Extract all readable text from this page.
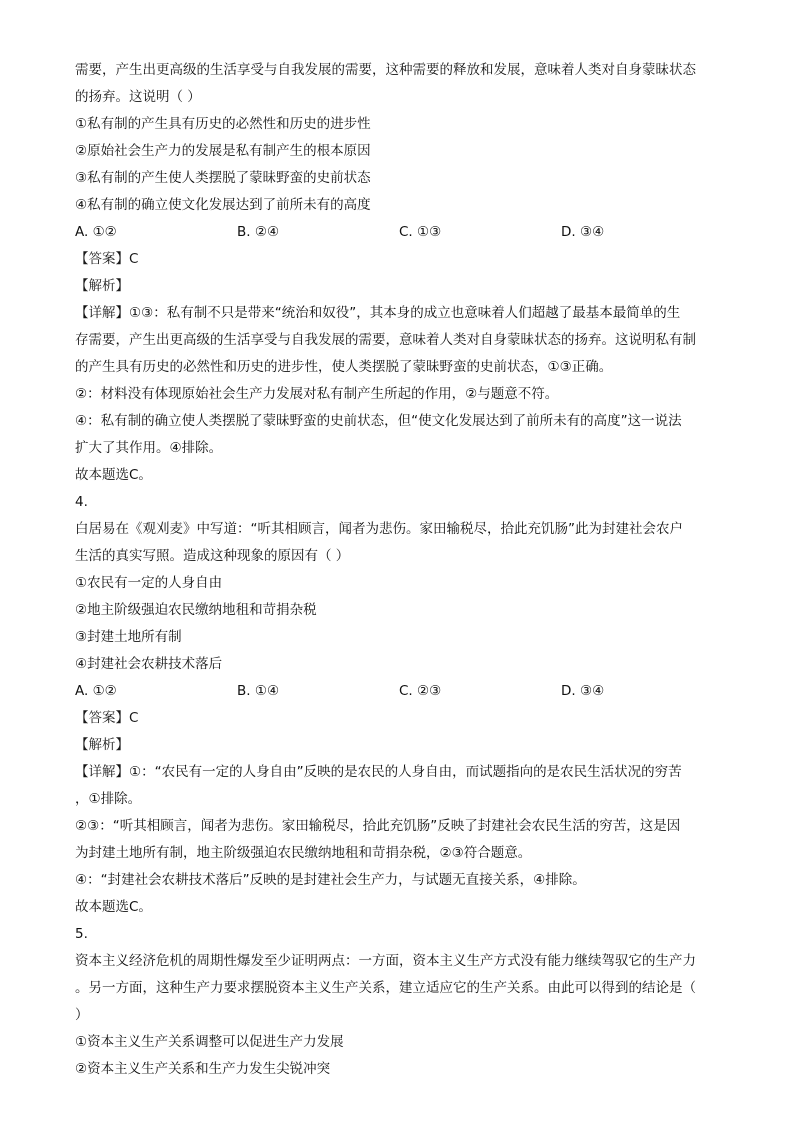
需要，产生出更高级的生活享受与自我发展的需要，这种需要的释放和发展，意味着人类对自身蒙昧状态
的扬弃。这说明（ ）
①私有制的产生具有历史的必然性和历史的进步性
②原始社会生产力的发展是私有制产生的根本原因
③私有制的产生使人类摆脱了蒙昧野蛮的史前状态
④私有制的确立使文化发展达到了前所未有的高度
A. ①②	B. ②④	C. ①③	D. ③④
【答案】C
【解析】
【详解】①③：私有制不只是带来“统治和奴役”，其本身的成立也意味着人们超越了最基本最简单的生
存需要，产生出更高级的生活享受与自我发展的需要，意味着人类对自身蒙昧状态的扬弃。这说明私有制
的产生具有历史的必然性和历史的进步性，使人类摆脱了蒙昧野蛮的史前状态，①③正确。
②：材料没有体现原始社会生产力发展对私有制产生所起的作用，②与题意不符。
④：私有制的确立使人类摆脱了蒙昧野蛮的史前状态，但“使文化发展达到了前所未有的高度”这一说法
扩大了其作用。④排除。
故本题选C。
4.
白居易在《观刈麦》中写道：“听其相顾言，闻者为悲伤。家田输税尽，拾此充饥肠”此为封建社会农户
生活的真实写照。造成这种现象的原因有（ ）
①农民有一定的人身自由
②地主阶级强迫农民缴纳地租和苛捐杂税
③封建土地所有制
④封建社会农耕技术落后
A. ①②	B. ①④	C. ②③	D. ③④
【答案】C
【解析】
【详解】①：“农民有一定的人身自由”反映的是农民的人身自由，而试题指向的是农民生活状况的穷苦
，①排除。
②③：“听其相顾言，闻者为悲伤。家田输税尽，拾此充饥肠”反映了封建社会农民生活的穷苦，这是因
为封建土地所有制，地主阶级强迫农民缴纳地租和苛捐杂税，②③符合题意。
④：“封建社会农耕技术落后”反映的是封建社会生产力，与试题无直接关系，④排除。
故本题选C。
5.
资本主义经济危机的周期性爆发至少证明两点：一方面，资本主义生产方式没有能力继续驾驭它的生产力
。另一方面，这种生产力要求摆脱资本主义生产关系，建立适应它的生产关系。由此可以得到的结论是（
）
①资本主义生产关系调整可以促进生产力发展
②资本主义生产关系和生产力发生尖锐冲突
